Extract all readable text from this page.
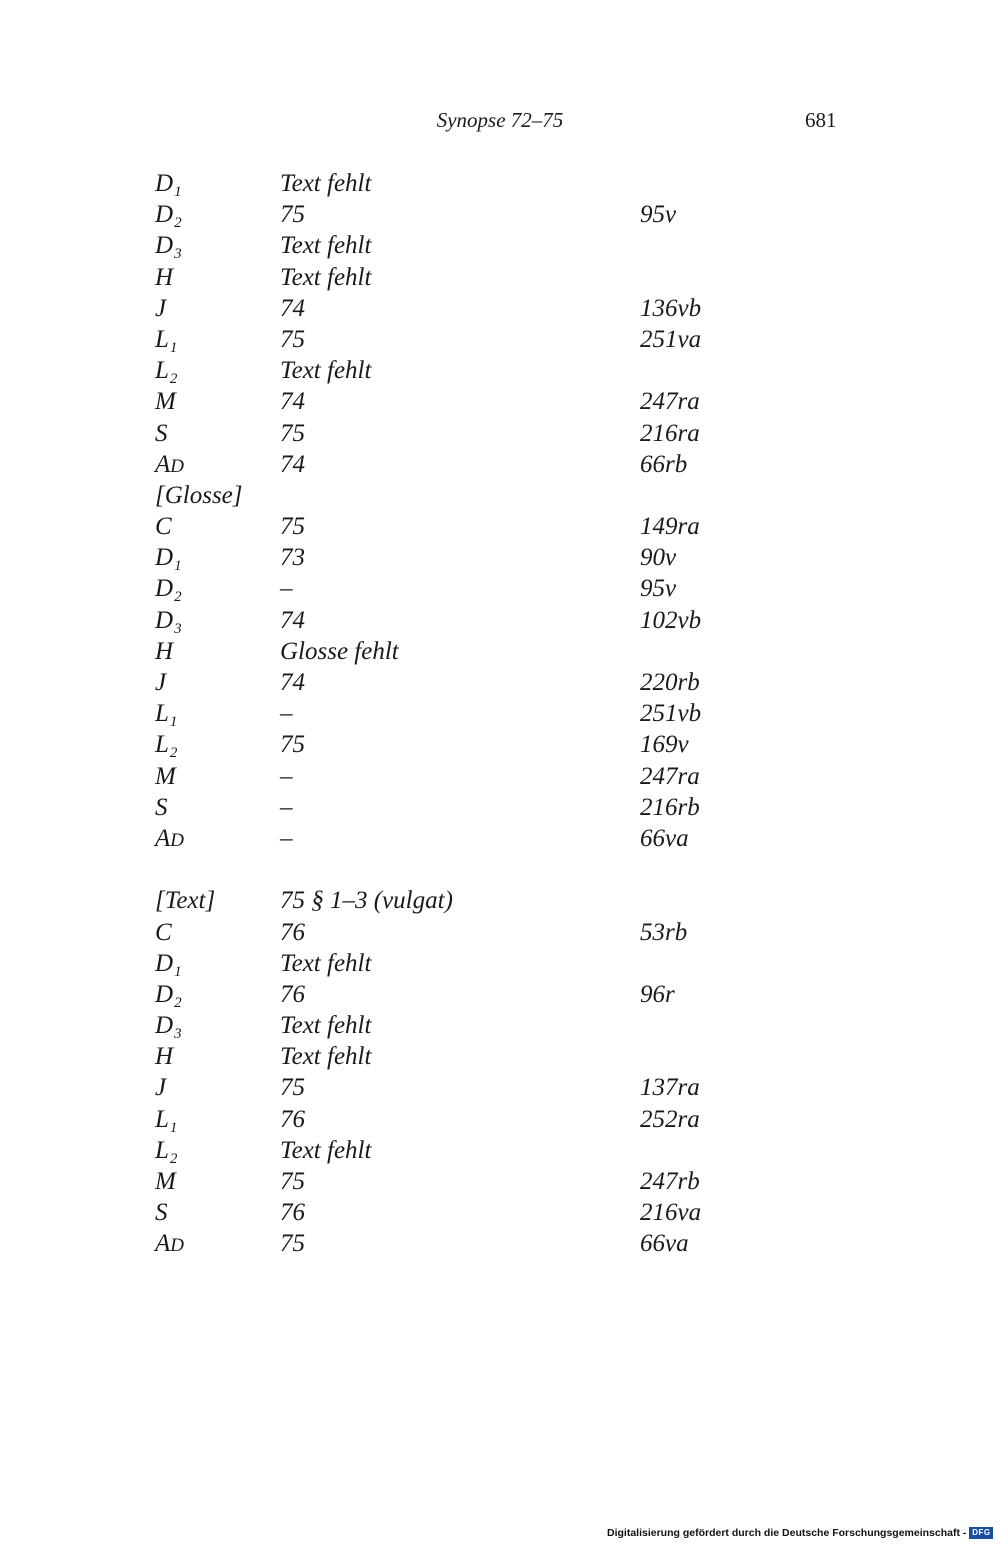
Synopse 72–75	681
$D_1$	Text fehlt
$D_2$	75	95v
$D_3$	Text fehlt
H	Text fehlt
J	74	136vb
$L_1$	75	251va
$L_2$	Text fehlt
M	74	247ra
S	75	216ra
AD	74	66rb
[Glosse]
C	75	149ra
$D_1$	73	90v
$D_2$	–	95v
$D_3$	74	102vb
H	Glosse fehlt
J	74	220rb
$L_1$	–	251vb
$L_2$	75	169v
M	–	247ra
S	–	216rb
AD	–	66va
[Text]	75 § 1–3 (vulgat)
C	76	53rb
$D_1$	Text fehlt
$D_2$	76	96r
$D_3$	Text fehlt
H	Text fehlt
J	75	137ra
$L_1$	76	252ra
$L_2$	Text fehlt
M	75	247rb
S	76	216va
AD	75	66va
Digitalisierung gefördert durch die Deutsche Forschungsgemeinschaft - DFG
